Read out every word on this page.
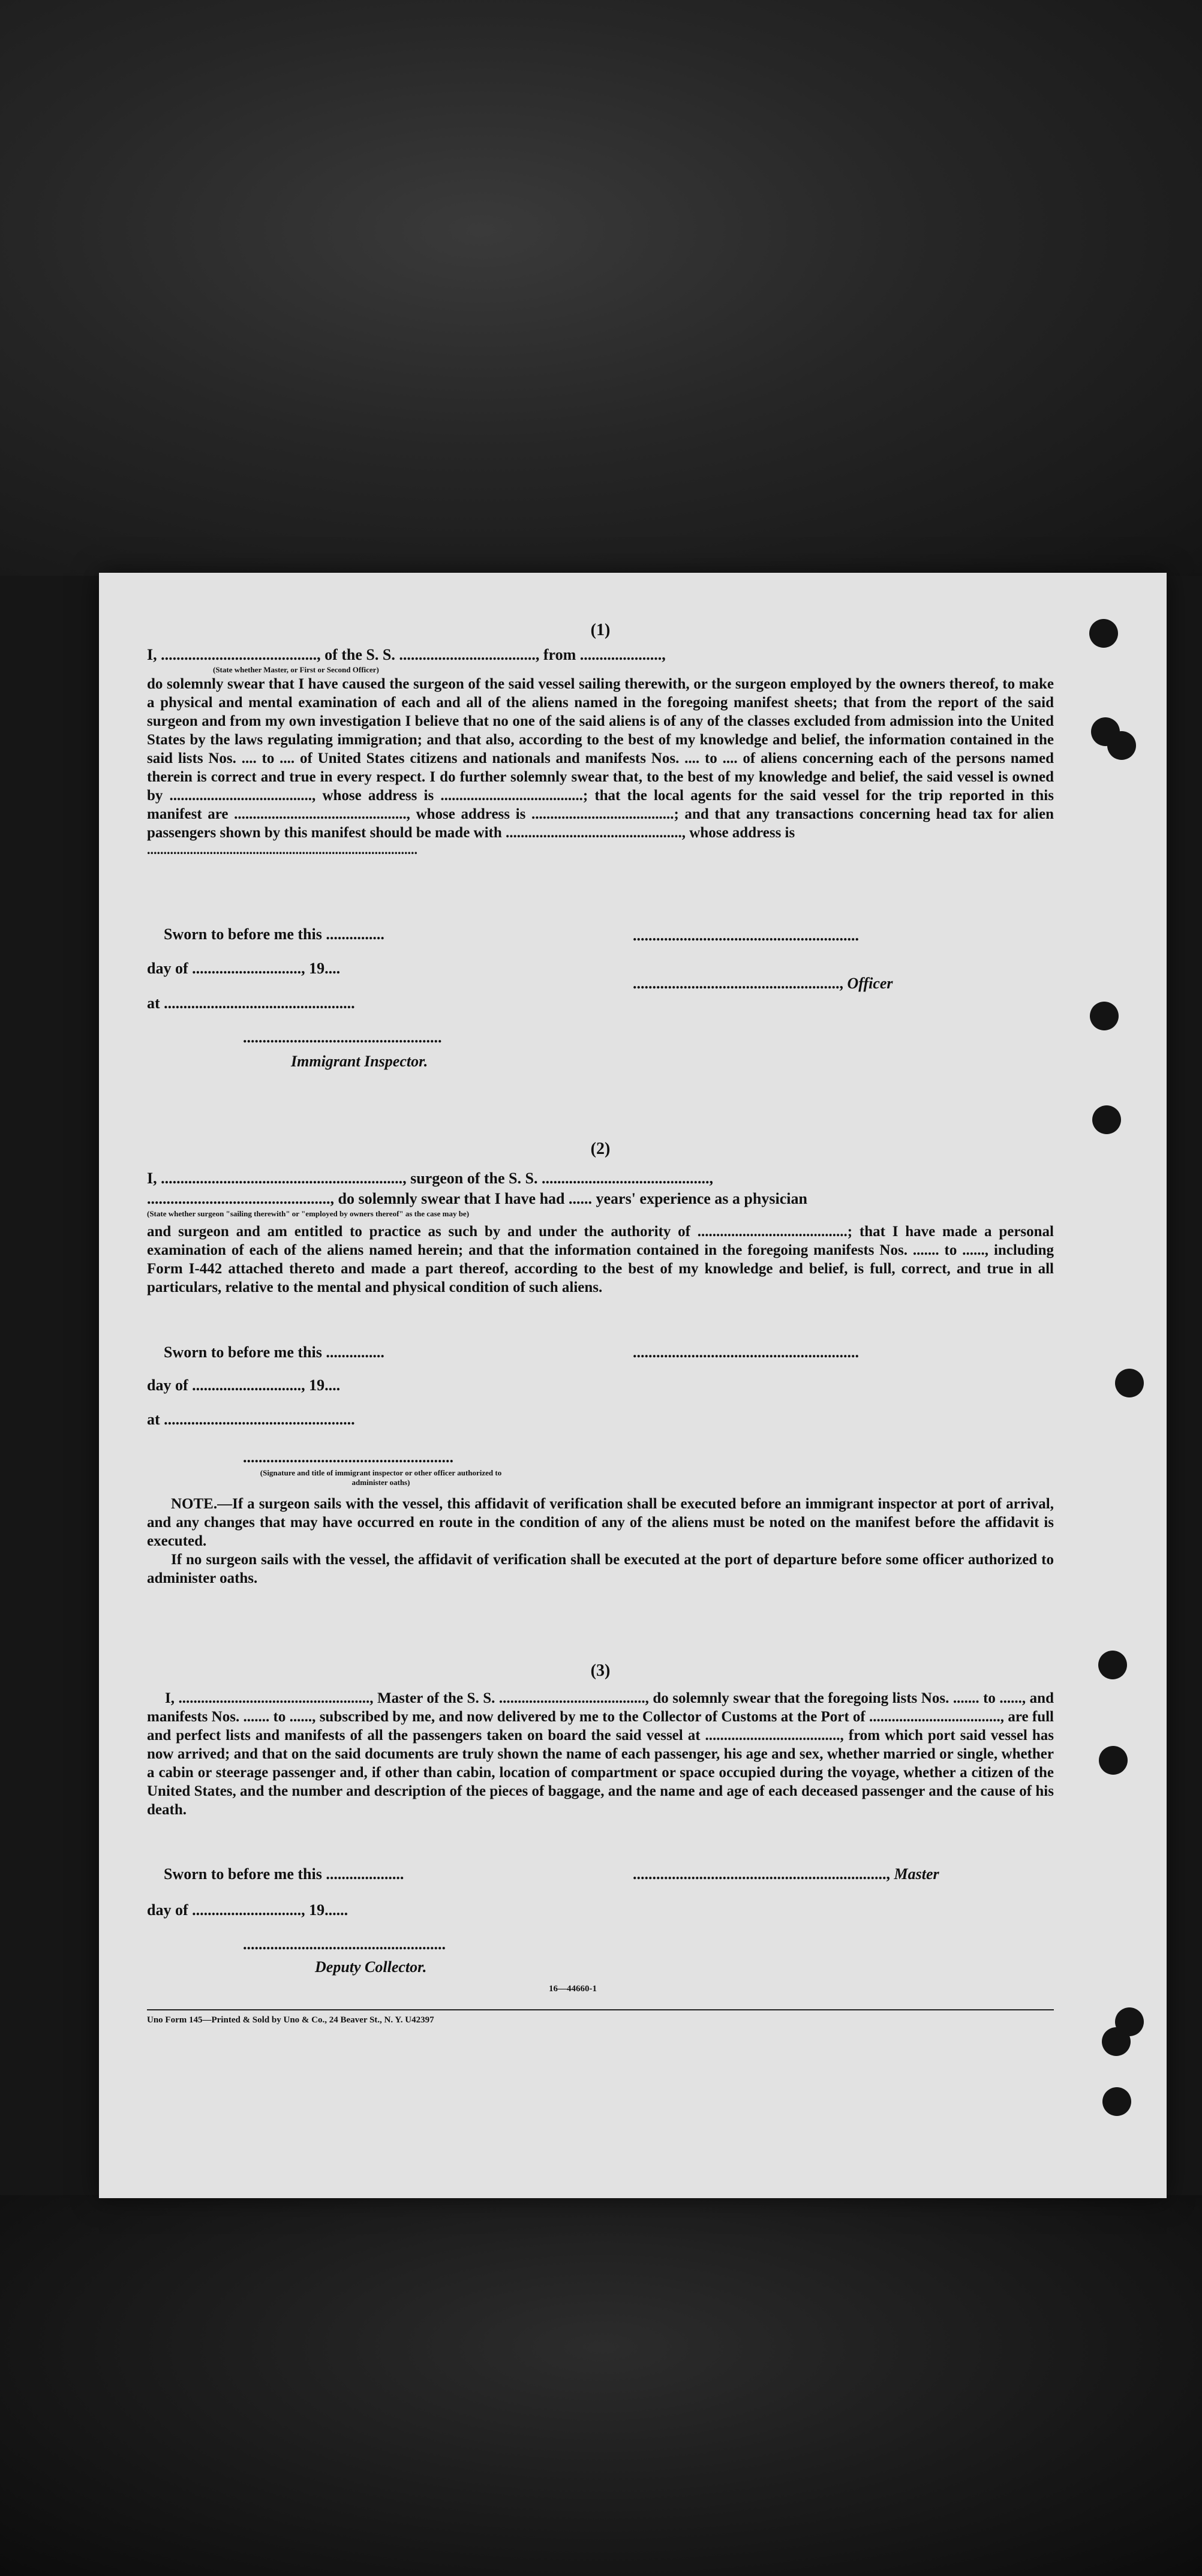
(1)
I, ........................................, of the S. S. ..................................., from .....................,
(State whether Master, or First or Second Officer)

do solemnly swear that I have caused the surgeon of the said vessel sailing therewith, or the surgeon employed by the owners thereof, to make a physical and mental examination of each and all of the aliens named in the foregoing manifest sheets; that from the report of the said surgeon and from my own investigation I believe that no one of the said aliens is of any of the classes excluded from admission into the United States by the laws regulating immigration; and that also, according to the best of my knowledge and belief, the information contained in the said lists Nos. .... to .... of United States citizens and nationals and manifests Nos. .... to .... of aliens concerning each of the persons named therein is correct and true in every respect. I do further solemnly swear that, to the best of my knowledge and belief, the said vessel is owned by ......................................, whose address is ......................................; that the local agents for the said vessel for the trip reported in this manifest are .............................................., whose address is ......................................; and that any transactions concerning head tax for alien passengers shown by this manifest should be made with ..............................................., whose address is

..................................................................................
Sworn to before me this ...............
day of ............................, 19....
at .................................................
..........................................................
....................................................., Officer
...................................................
Immigrant Inspector.
(2)
I, .............................................................., surgeon of the S. S. ...........................................,
..............................................., do solemnly swear that I have had ...... years' experience as a physician
(State whether surgeon "sailing therewith" or "employed by owners thereof" as the case may be)

and surgeon and am entitled to practice as such by and under the authority of ........................................; that I have made a personal examination of each of the aliens named herein; and that the information contained in the foregoing manifests Nos. ....... to ......, including Form I-442 attached thereto and made a part thereof, according to the best of my knowledge and belief, is full, correct, and true in all particulars, relative to the mental and physical condition of such aliens.

Sworn to before me this ...............
day of ............................, 19....
at .................................................
..........................................................
......................................................
(Signature and title of immigrant inspector or other officer authorized to administer oaths)

NOTE.—If a surgeon sails with the vessel, this affidavit of verification shall be executed before an immigrant inspector at port of arrival, and any changes that may have occurred en route in the condition of any of the aliens must be noted on the manifest before the affidavit is executed.

If no surgeon sails with the vessel, the affidavit of verification shall be executed at the port of departure before some officer authorized to administer oaths.

(3)

I, ..................................................., Master of the S. S. ......................................., do solemnly swear that the foregoing lists Nos. ....... to ......, and manifests Nos. ....... to ......, subscribed by me, and now delivered by me to the Collector of Customs at the Port of ..................................., are full and perfect lists and manifests of all the passengers taken on board the said vessel at ...................................., from which port said vessel has now arrived; and that on the said documents are truly shown the name of each passenger, his age and sex, whether married or single, whether a cabin or steerage passenger and, if other than cabin, location of compartment or space occupied during the voyage, whether a citizen of the United States, and the number and description of the pieces of baggage, and the name and age of each deceased passenger and the cause of his death.

Sworn to before me this ....................
day of ............................, 19......
................................................................., Master
....................................................
Deputy Collector.
16—44660-1
Uno Form 145—Printed & Sold by Uno & Co., 24 Beaver St., N. Y. U42397
